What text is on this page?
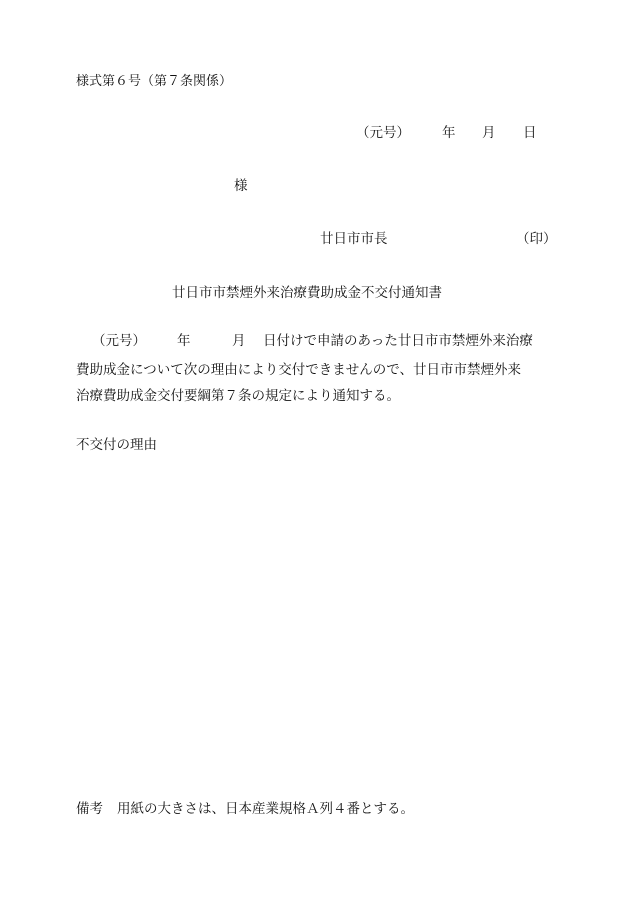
様式第６号（第７条関係）
（元号） 年 月 日
様
廿日市市長	（印）
廿日市市禁煙外来治療費助成金不交付通知書
（元号） 年	月 日付けで申請のあった廿日市市禁煙外来治療
費助成金について次の理由により交付できませんので、廿日市市禁煙外来
治療費助成金交付要綱第７条の規定により通知する。
不交付の理由
備考 用紙の大きさは、日本産業規格Ａ列４番とする。
